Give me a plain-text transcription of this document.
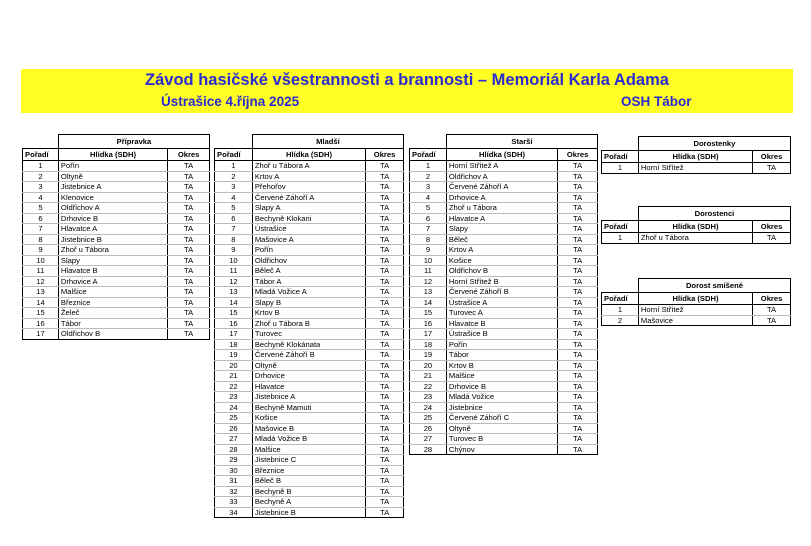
Závod hasičské všestrannosti a brannosti – Memoriál Karla Adama
Ústrašice 4.října 2025	OSH Tábor
	Přípravka	
Pořadí	Hlídka (SDH)	Okres
1	Pořín	TA
2	Oltyně	TA
3	Jistebnice A	TA
4	Klenovice	TA
5	Oldřichov A	TA
6	Drhovice B	TA
7	Hlavatce A	TA
8	Jistebnice B	TA
9	Zhoř u Tábora	TA
10	Slapy	TA
11	Hlavatce B	TA
12	Drhovice A	TA
13	Malšice	TA
14	Březnice	TA
15	Želeč	TA
16	Tábor	TA
17	Oldřichov B	TA
	Mladší	
Pořadí	Hlídka (SDH)	Okres
1	Zhoř u Tábora A	TA
2	Krtov A	TA
3	Přehořov	TA
4	Červené Záhoří A	TA
5	Slapy A	TA
6	Bechyně Klokani	TA
7	Ústrašice	TA
8	Mašovice A	TA
9	Pořín	TA
10	Oldřichov	TA
11	Běleč A	TA
12	Tábor A	TA
13	Mladá Vožice A	TA
14	Slapy B	TA
15	Krtov B	TA
16	Zhoř u Tábora B	TA
17	Turovec	TA
18	Bechyně Klokánata	TA
19	Červené Záhoří B	TA
20	Oltyně	TA
21	Drhovice	TA
22	Hlavatce	TA
23	Jistebnice A	TA
24	Bechyně Mamuti	TA
25	Košice	TA
26	Mašovice B	TA
27	Mladá Vožice B	TA
28	Malšice	TA
29	Jistebnice C	TA
30	Březnice	TA
31	Běleč B	TA
32	Bechyně B	TA
33	Bechyně A	TA
34	Jistebnice B	TA
	Starší	
Pořadí	Hlídka (SDH)	Okres
1	Horní Střítež A	TA
2	Oldřichov A	TA
3	Červené Záhoří A	TA
4	Drhovice A	TA
5	Zhoř u Tábora	TA
6	Hlavatce A	TA
7	Slapy	TA
8	Běleč	TA
9	Krtov A	TA
10	Košice	TA
11	Oldřichov B	TA
12	Horní Střítež B	TA
13	Červené Záhoří B	TA
14	Ústrašice A	TA
15	Turovec A	TA
16	Hlavatce B	TA
17	Ústrašice B	TA
18	Pořín	TA
19	Tábor	TA
20	Krtov B	TA
21	Malšice	TA
22	Drhovice B	TA
23	Mladá Vožice	TA
24	Jistebnice	TA
25	Červené Záhoří C	TA
26	Oltyně	TA
27	Turovec B	TA
28	Chýnov	TA
	Dorostenky	
Pořadí	Hlídka (SDH)	Okres
1	Horní Střítež	TA
	Dorostenci	
Pořadí	Hlídka (SDH)	Okres
1	Zhoř u Tábora	TA
	Dorost smíšené	
Pořadí	Hlídka (SDH)	Okres
1	Horní Střítež	TA
2	Mašovice	TA
